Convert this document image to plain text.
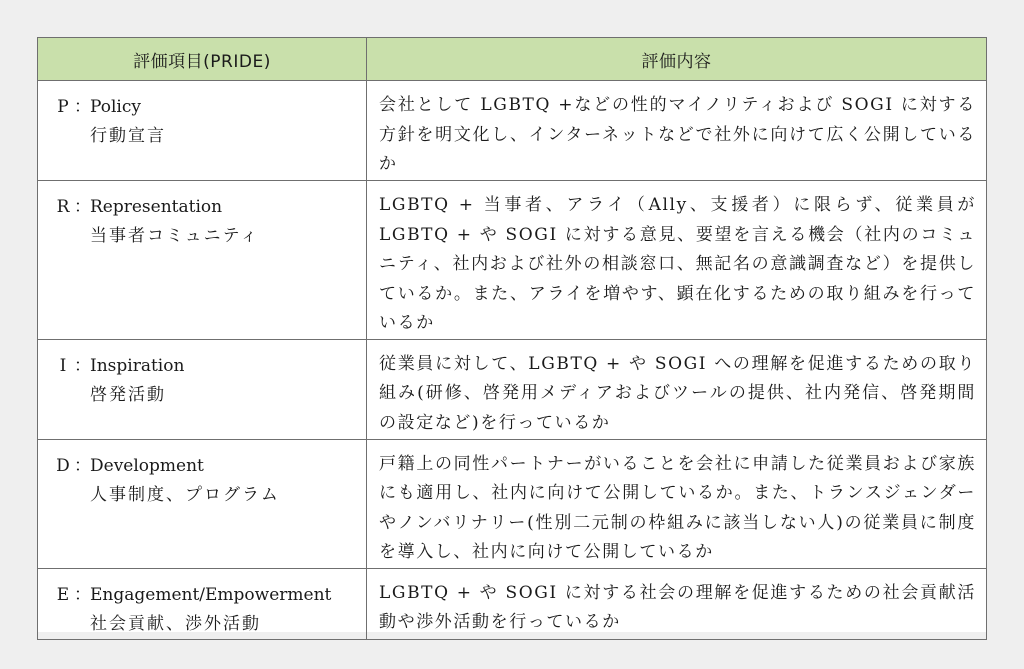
評価項目(PRIDE)	評価内容

P ： Policy
行動宣言	会社として LGBTQ +などの性的マイノリティおよび SOGI に対する方針を明文化し、インターネットなどで社外に向けて広く公開しているか

R ： Representation
当事者コミュニティ	LGBTQ + 当事者、アライ（Ally、支援者）に限らず、従業員が LGBTQ + や SOGI に対する意見、要望を言える機会（社内のコミュニティ、社内および社外の相談窓口、無記名の意識調査など）を提供しているか。また、アライを増やす、顕在化するための取り組みを行っているか

I ： Inspiration
啓発活動	従業員に対して、LGBTQ + や SOGI への理解を促進するための取り組み(研修、啓発用メディアおよびツールの提供、社内発信、啓発期間の設定など)を行っているか

D ： Development
人事制度、プログラム	戸籍上の同性パートナーがいることを会社に申請した従業員および家族にも適用し、社内に向けて公開しているか。また、トランスジェンダーやノンバリナリー(性別二元制の枠組みに該当しない人)の従業員に制度を導入し、社内に向けて公開しているか

E ： Engagement/Empowerment
社会貢献、渉外活動	LGBTQ + や SOGI に対する社会の理解を促進するための社会貢献活動や渉外活動を行っているか
